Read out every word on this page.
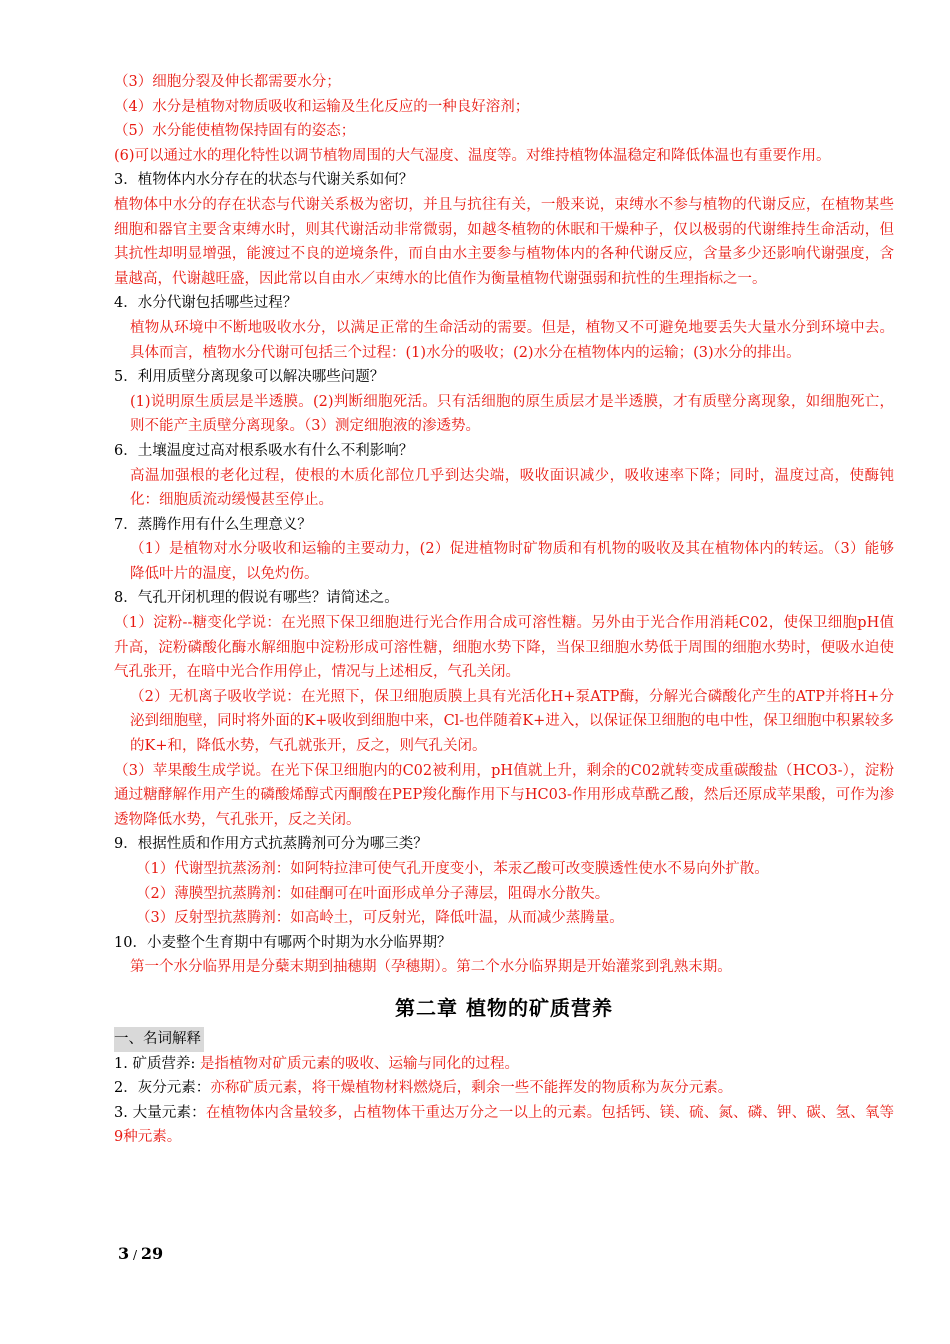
（3）细胞分裂及伸长都需要水分；
（4）水分是植物对物质吸收和运输及生化反应的一种良好溶剂；
（5）水分能使植物保持固有的姿态；
(6)可以通过水的理化特性以调节植物周围的大气湿度、温度等。对维持植物体温稳定和降低体温也有重要作用。
3．植物体内水分存在的状态与代谢关系如何？
植物体中水分的存在状态与代谢关系极为密切，并且与抗往有关，一般来说，束缚水不参与植物的代谢反应，在植物某些细胞和器官主要含束缚水时，则其代谢活动非常微弱，如越冬植物的休眠和干燥种子，仅以极弱的代谢维持生命活动，但其抗性却明显增强，能渡过不良的逆境条件，而自由水主要参与植物体内的各种代谢反应，含量多少还影响代谢强度，含量越高，代谢越旺盛，因此常以自由水／束缚水的比值作为衡量植物代谢强弱和抗性的生理指标之一。
4．水分代谢包括哪些过程？
植物从环境中不断地吸收水分，以满足正常的生命活动的需要。但是，植物又不可避免地要丢失大量水分到环境中去。具体而言，植物水分代谢可包括三个过程：(1)水分的吸收；(2)水分在植物体内的运输；(3)水分的排出。
5．利用质壁分离现象可以解决哪些问题？
(1)说明原生质层是半透膜。(2)判断细胞死活。只有活细胞的原生质层才是半透膜，才有质壁分离现象，如细胞死亡，则不能产主质壁分离现象。（3）测定细胞液的渗透势。
6．土壤温度过高对根系吸水有什么不利影响？
高温加强根的老化过程，使根的木质化部位几乎到达尖端，吸收面识减少，吸收速率下降；同时，温度过高，使酶钝化：细胞质流动缓慢甚至停止。
7．蒸腾作用有什么生理意义？
（1）是植物对水分吸收和运输的主要动力，(2）促进植物时矿物质和有机物的吸收及其在植物体内的转运。（3）能够降低叶片的温度，以免灼伤。
8．气孔开闭机理的假说有哪些？请简述之。
（1）淀粉--糖变化学说：在光照下保卫细胞进行光合作用合成可溶性糖。另外由于光合作用消耗C02，使保卫细胞pH值升高，淀粉磷酸化酶水解细胞中淀粉形成可溶性糖，细胞水势下降，当保卫细胞水势低于周围的细胞水势时，便吸水迫使气孔张开，在暗中光合作用停止，情况与上述相反，气孔关闭。
（2）无机离子吸收学说：在光照下，保卫细胞质膜上具有光活化H+泵ATP酶，分解光合磷酸化产生的ATP并将H+分泌到细胞壁，同时将外面的K+吸收到细胞中来，Cl-也伴随着K+进入，以保证保卫细胞的电中性，保卫细胞中积累较多的K+和，降低水势，气孔就张开，反之，则气孔关闭。
（3）苹果酸生成学说。在光下保卫细胞内的C02被利用，pH值就上升，剩余的C02就转变成重碳酸盐（HCO3-），淀粉通过糖酵解作用产生的磷酸烯醇式丙酮酸在PEP羧化酶作用下与HC03-作用形成草酰乙酸，然后还原成苹果酸，可作为渗透物降低水势，气孔张开，反之关闭。
9．根据性质和作用方式抗蒸腾剂可分为哪三类？
（1）代谢型抗蒸汤剂：如阿特拉津可使气孔开度变小，苯汞乙酸可改变膜透性使水不易向外扩散。
（2）薄膜型抗蒸腾剂：如硅酮可在叶面形成单分子薄层，阻碍水分散失。
（3）反射型抗蒸腾剂：如高岭土，可反射光，降低叶温，从而减少蒸腾量。
10．小麦整个生育期中有哪两个时期为水分临界期？
第一个水分临界用是分蘖末期到抽穗期（孕穗期）。第二个水分临界期是开始灌浆到乳熟末期。
第二章 植物的矿质营养
一、名词解释
1. 矿质营养: 是指植物对矿质元素的吸收、运输与同化的过程。
2．灰分元素：亦称矿质元素，将干燥植物材料燃烧后，剩余一些不能挥发的物质称为灰分元素。
3. 大量元素：在植物体内含量较多，占植物体干重达万分之一以上的元素。包括钙、镁、硫、氮、磷、钾、碳、氢、氧等9种元素。
3 / 29
